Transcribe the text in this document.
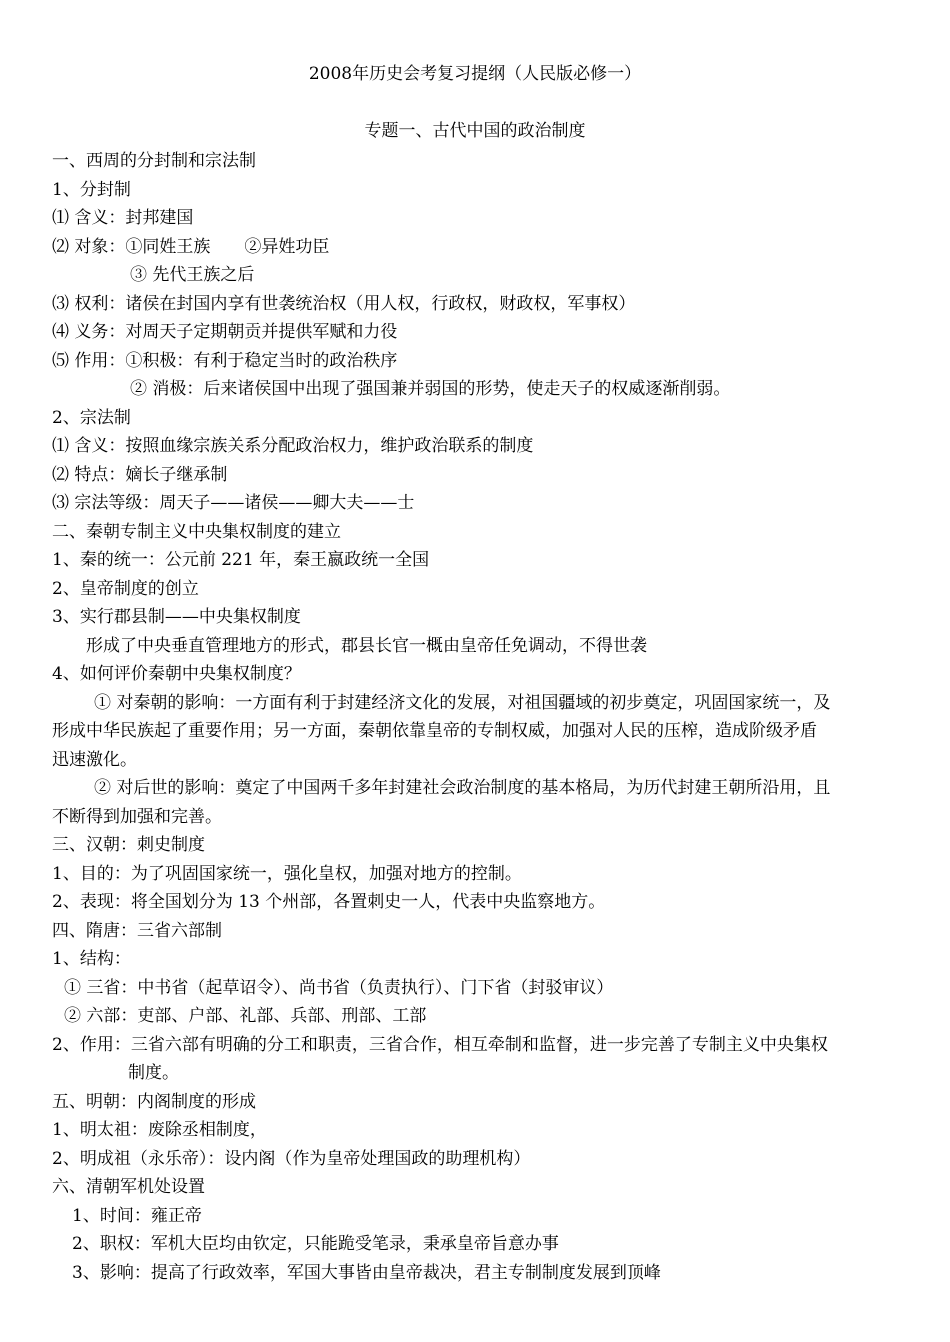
2008年历史会考复习提纲（人民版必修一）
专题一、古代中国的政治制度
一、西周的分封制和宗法制
1、分封制
⑴ 含义：封邦建国
⑵ 对象：①同姓王族　　②异姓功臣
③ 先代王族之后
⑶ 权利：诸侯在封国内享有世袭统治权（用人权，行政权，财政权，军事权）
⑷ 义务：对周天子定期朝贡并提供军赋和力役
⑸ 作用：①积极：有利于稳定当时的政治秩序
② 消极：后来诸侯国中出现了强国兼并弱国的形势，使走天子的权威逐渐削弱。
2、宗法制
⑴ 含义：按照血缘宗族关系分配政治权力，维护政治联系的制度
⑵ 特点：嫡长子继承制
⑶ 宗法等级：周天子——诸侯——卿大夫——士
二、秦朝专制主义中央集权制度的建立
1、秦的统一：公元前 221 年，秦王嬴政统一全国
2、皇帝制度的创立
3、实行郡县制——中央集权制度
形成了中央垂直管理地方的形式，郡县长官一概由皇帝任免调动，不得世袭
4、如何评价秦朝中央集权制度？
① 对秦朝的影响：一方面有利于封建经济文化的发展，对祖国疆域的初步奠定，巩固国家统一，及
形成中华民族起了重要作用；另一方面，秦朝依靠皇帝的专制权威，加强对人民的压榨，造成阶级矛盾
迅速激化。
② 对后世的影响：奠定了中国两千多年封建社会政治制度的基本格局，为历代封建王朝所沿用，且
不断得到加强和完善。
三、汉朝：刺史制度
1、目的：为了巩固国家统一，强化皇权，加强对地方的控制。
2、表现：将全国划分为 13 个州部，各置刺史一人，代表中央监察地方。
四、隋唐：三省六部制
1、结构：
① 三省：中书省（起草诏令）、尚书省（负责执行）、门下省（封驳审议）
② 六部：吏部、户部、礼部、兵部、刑部、工部
2、作用：三省六部有明确的分工和职责，三省合作，相互牵制和监督，进一步完善了专制主义中央集权
制度。
五、明朝：内阁制度的形成
1、明太祖：废除丞相制度，
2、明成祖（永乐帝）：设内阁（作为皇帝处理国政的助理机构）
六、清朝军机处设置
1、时间：雍正帝
2、职权：军机大臣均由钦定，只能跪受笔录，秉承皇帝旨意办事
3、影响：提高了行政效率，军国大事皆由皇帝裁决，君主专制制度发展到顶峰
